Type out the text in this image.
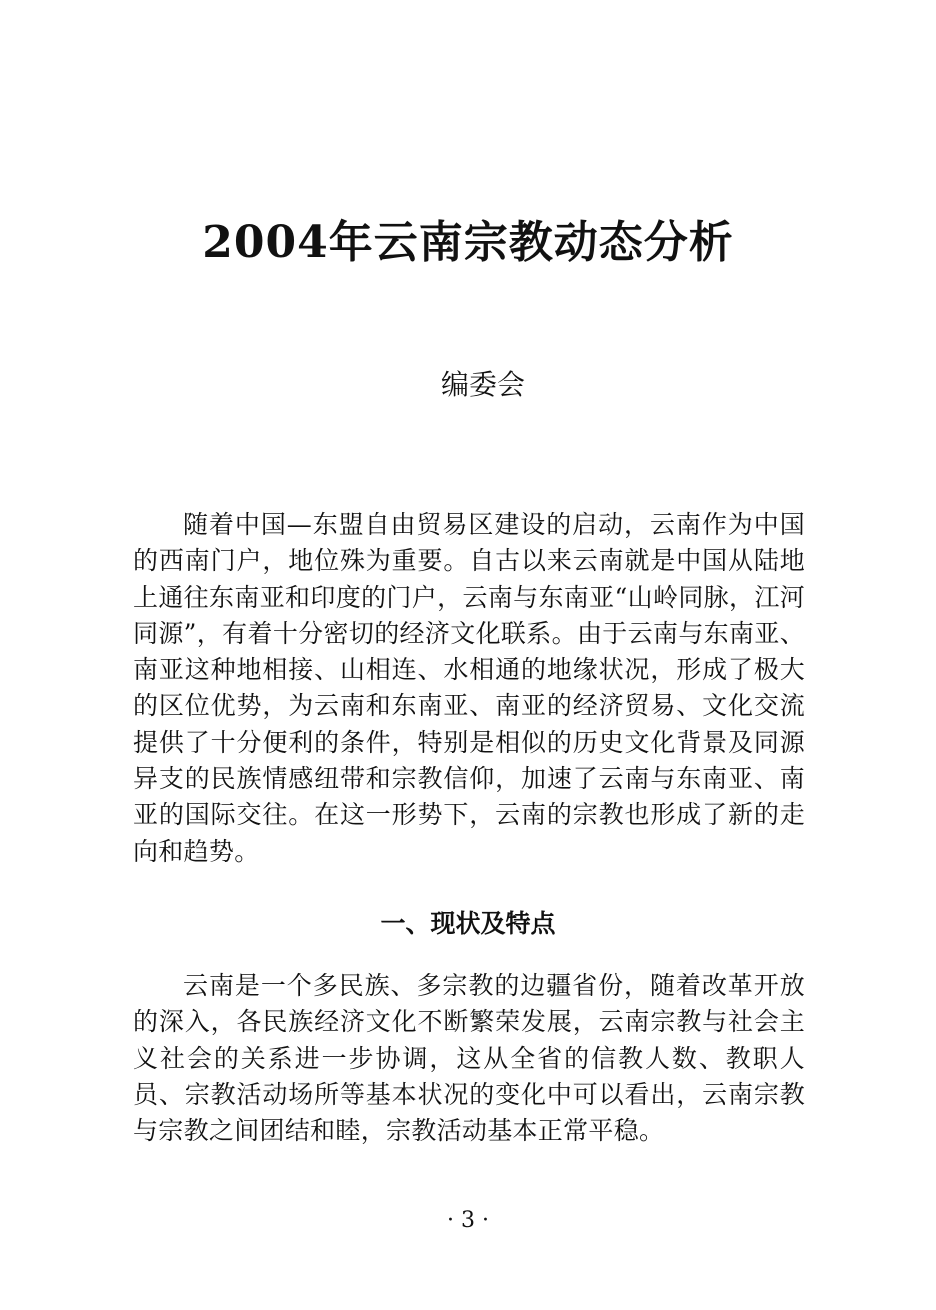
2004年云南宗教动态分析
编委会

随着中国—东盟自由贸易区建设的启动，云南作为中国的西南门户，地位殊为重要。自古以来云南就是中国从陆地上通往东南亚和印度的门户，云南与东南亚“山岭同脉，江河同源”，有着十分密切的经济文化联系。由于云南与东南亚、南亚这种地相接、山相连、水相通的地缘状况，形成了极大的区位优势，为云南和东南亚、南亚的经济贸易、文化交流提供了十分便利的条件，特别是相似的历史文化背景及同源异支的民族情感纽带和宗教信仰，加速了云南与东南亚、南亚的国际交往。在这一形势下，云南的宗教也形成了新的走向和趋势。

一、现状及特点

云南是一个多民族、多宗教的边疆省份，随着改革开放的深入，各民族经济文化不断繁荣发展，云南宗教与社会主义社会的关系进一步协调，这从全省的信教人数、教职人员、宗教活动场所等基本状况的变化中可以看出，云南宗教与宗教之间团结和睦，宗教活动基本正常平稳。

· 3 ·
